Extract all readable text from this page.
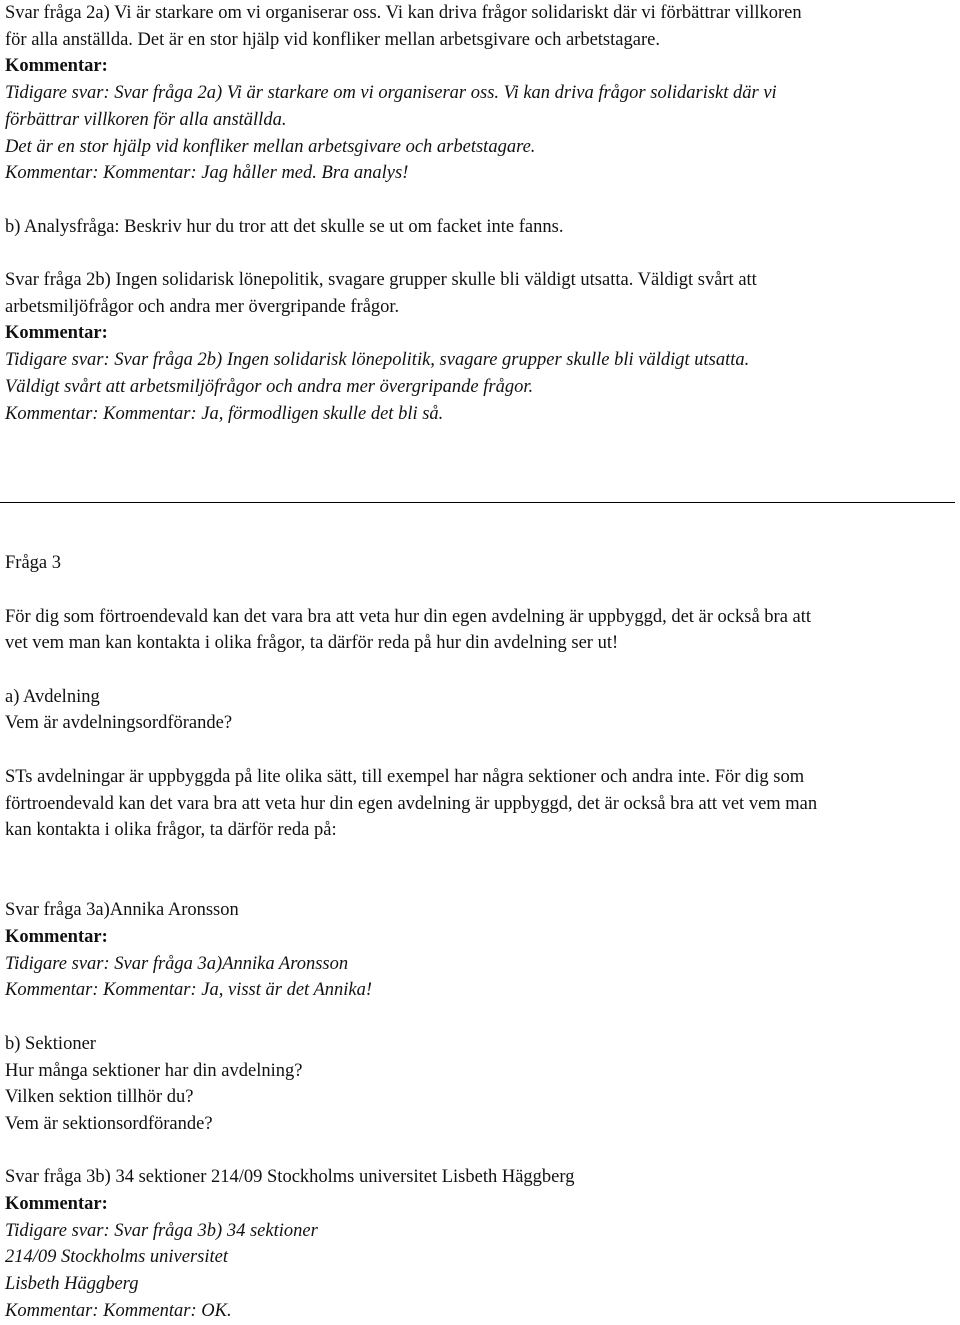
Svar fråga 2a) Vi är starkare om vi organiserar oss. Vi kan driva frågor solidariskt där vi förbättrar villkoren
för alla anställda. Det är en stor hjälp vid konfliker mellan arbetsgivare och arbetstagare.
Kommentar:
Tidigare svar: Svar fråga 2a) Vi är starkare om vi organiserar oss. Vi kan driva frågor solidariskt där vi
förbättrar villkoren för alla anställda.
Det är en stor hjälp vid konfliker mellan arbetsgivare och arbetstagare.
Kommentar: Kommentar: Jag håller med. Bra analys!
b) Analysfråga: Beskriv hur du tror att det skulle se ut om facket inte fanns.
Svar fråga 2b) Ingen solidarisk lönepolitik, svagare grupper skulle bli väldigt utsatta. Väldigt svårt att
arbetsmiljöfrågor och andra mer övergripande frågor.
Kommentar:
Tidigare svar: Svar fråga 2b) Ingen solidarisk lönepolitik, svagare grupper skulle bli väldigt utsatta.
Väldigt svårt att arbetsmiljöfrågor och andra mer övergripande frågor.
Kommentar: Kommentar: Ja, förmodligen skulle det bli så.
Fråga 3
För dig som förtroendevald kan det vara bra att veta hur din egen avdelning är uppbyggd, det är också bra att
vet vem man kan kontakta i olika frågor, ta därför reda på hur din avdelning ser ut!
a) Avdelning
Vem är avdelningsordförande?
STs avdelningar är uppbyggda på lite olika sätt, till exempel har några sektioner och andra inte. För dig som
förtroendevald kan det vara bra att veta hur din egen avdelning är uppbyggd, det är också bra att vet vem man
kan kontakta i olika frågor, ta därför reda på:
Svar fråga 3a)Annika Aronsson
Kommentar:
Tidigare svar: Svar fråga 3a)Annika Aronsson
Kommentar: Kommentar: Ja, visst är det Annika!
b) Sektioner
Hur många sektioner har din avdelning?
Vilken sektion tillhör du?
Vem är sektionsordförande?
Svar fråga 3b) 34 sektioner 214/09 Stockholms universitet Lisbeth Häggberg
Kommentar:
Tidigare svar: Svar fråga 3b) 34 sektioner
214/09 Stockholms universitet
Lisbeth Häggberg
Kommentar: Kommentar: OK.
